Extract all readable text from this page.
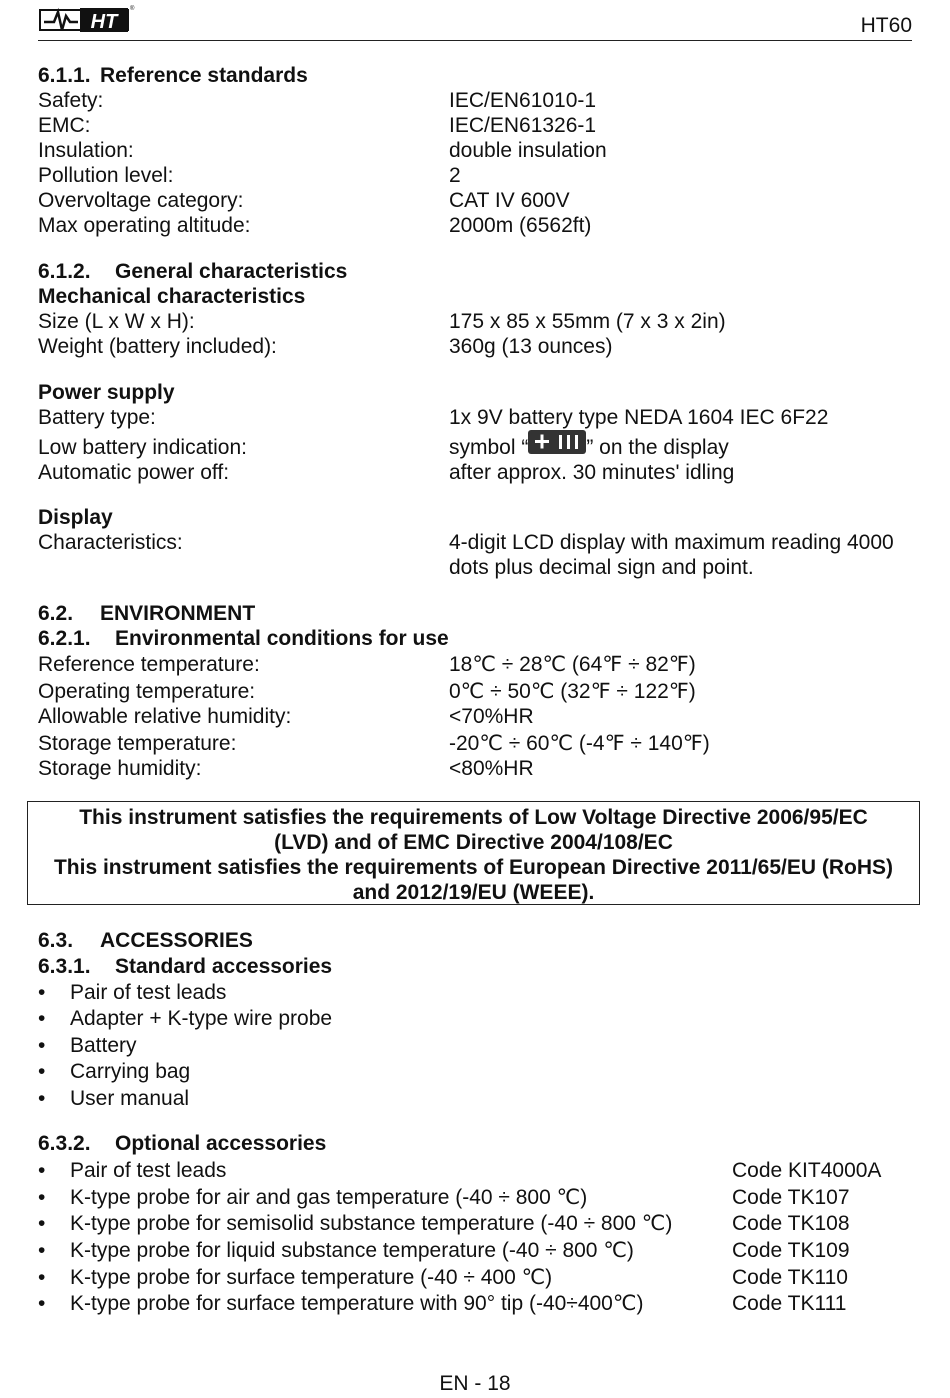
HT
®
HT60
6.1.1. Reference standards
Safety:	IEC/EN61010-1
EMC:	IEC/EN61326-1
Insulation:	double insulation
Pollution level:	2
Overvoltage category:	CAT IV 600V
Max operating altitude:	2000m (6562ft)
6.1.2. General characteristics
Mechanical characteristics
Size (L x W x H):	175 x 85 x 55mm (7 x 3 x 2in)
Weight (battery included):	360g (13 ounces)
Power supply
Battery type:	1x 9V battery type NEDA 1604 IEC 6F22
Low battery indication:	symbol “	” on the display
Automatic power off:	after approx. 30 minutes' idling
Display
Characteristics:	4-digit LCD display with maximum reading 4000
dots plus decimal sign and point.
6.2. ENVIRONMENT
6.2.1. Environmental conditions for use
Reference temperature:	18℃ ÷ 28℃ (64℉ ÷ 82℉)
Operating temperature:	0℃ ÷ 50℃ (32℉ ÷ 122℉)
Allowable relative humidity:	<70%HR
Storage temperature:	-20℃ ÷ 60℃ (-4℉ ÷ 140℉)
Storage humidity:	<80%HR
This instrument satisfies the requirements of Low Voltage Directive 2006/95/EC
(LVD) and of EMC Directive 2004/108/EC
This instrument satisfies the requirements of European Directive 2011/65/EU (RoHS)
and 2012/19/EU (WEEE).
6.3. ACCESSORIES
6.3.1. Standard accessories
•	Pair of test leads
•	Adapter + K-type wire probe
•	Battery
•	Carrying bag
•	User manual
6.3.2. Optional accessories
•	Pair of test leads	Code KIT4000A
•	K-type probe for air and gas temperature (-40 ÷ 800 ℃)	Code TK107
•	K-type probe for semisolid substance temperature (-40 ÷ 800 ℃)	Code TK108
•	K-type probe for liquid substance temperature (-40 ÷ 800 ℃)	Code TK109
•	K-type probe for surface temperature (-40 ÷ 400 ℃)	Code TK110
•	K-type probe for surface temperature with 90° tip (-40÷400℃)	Code TK111
EN - 18
